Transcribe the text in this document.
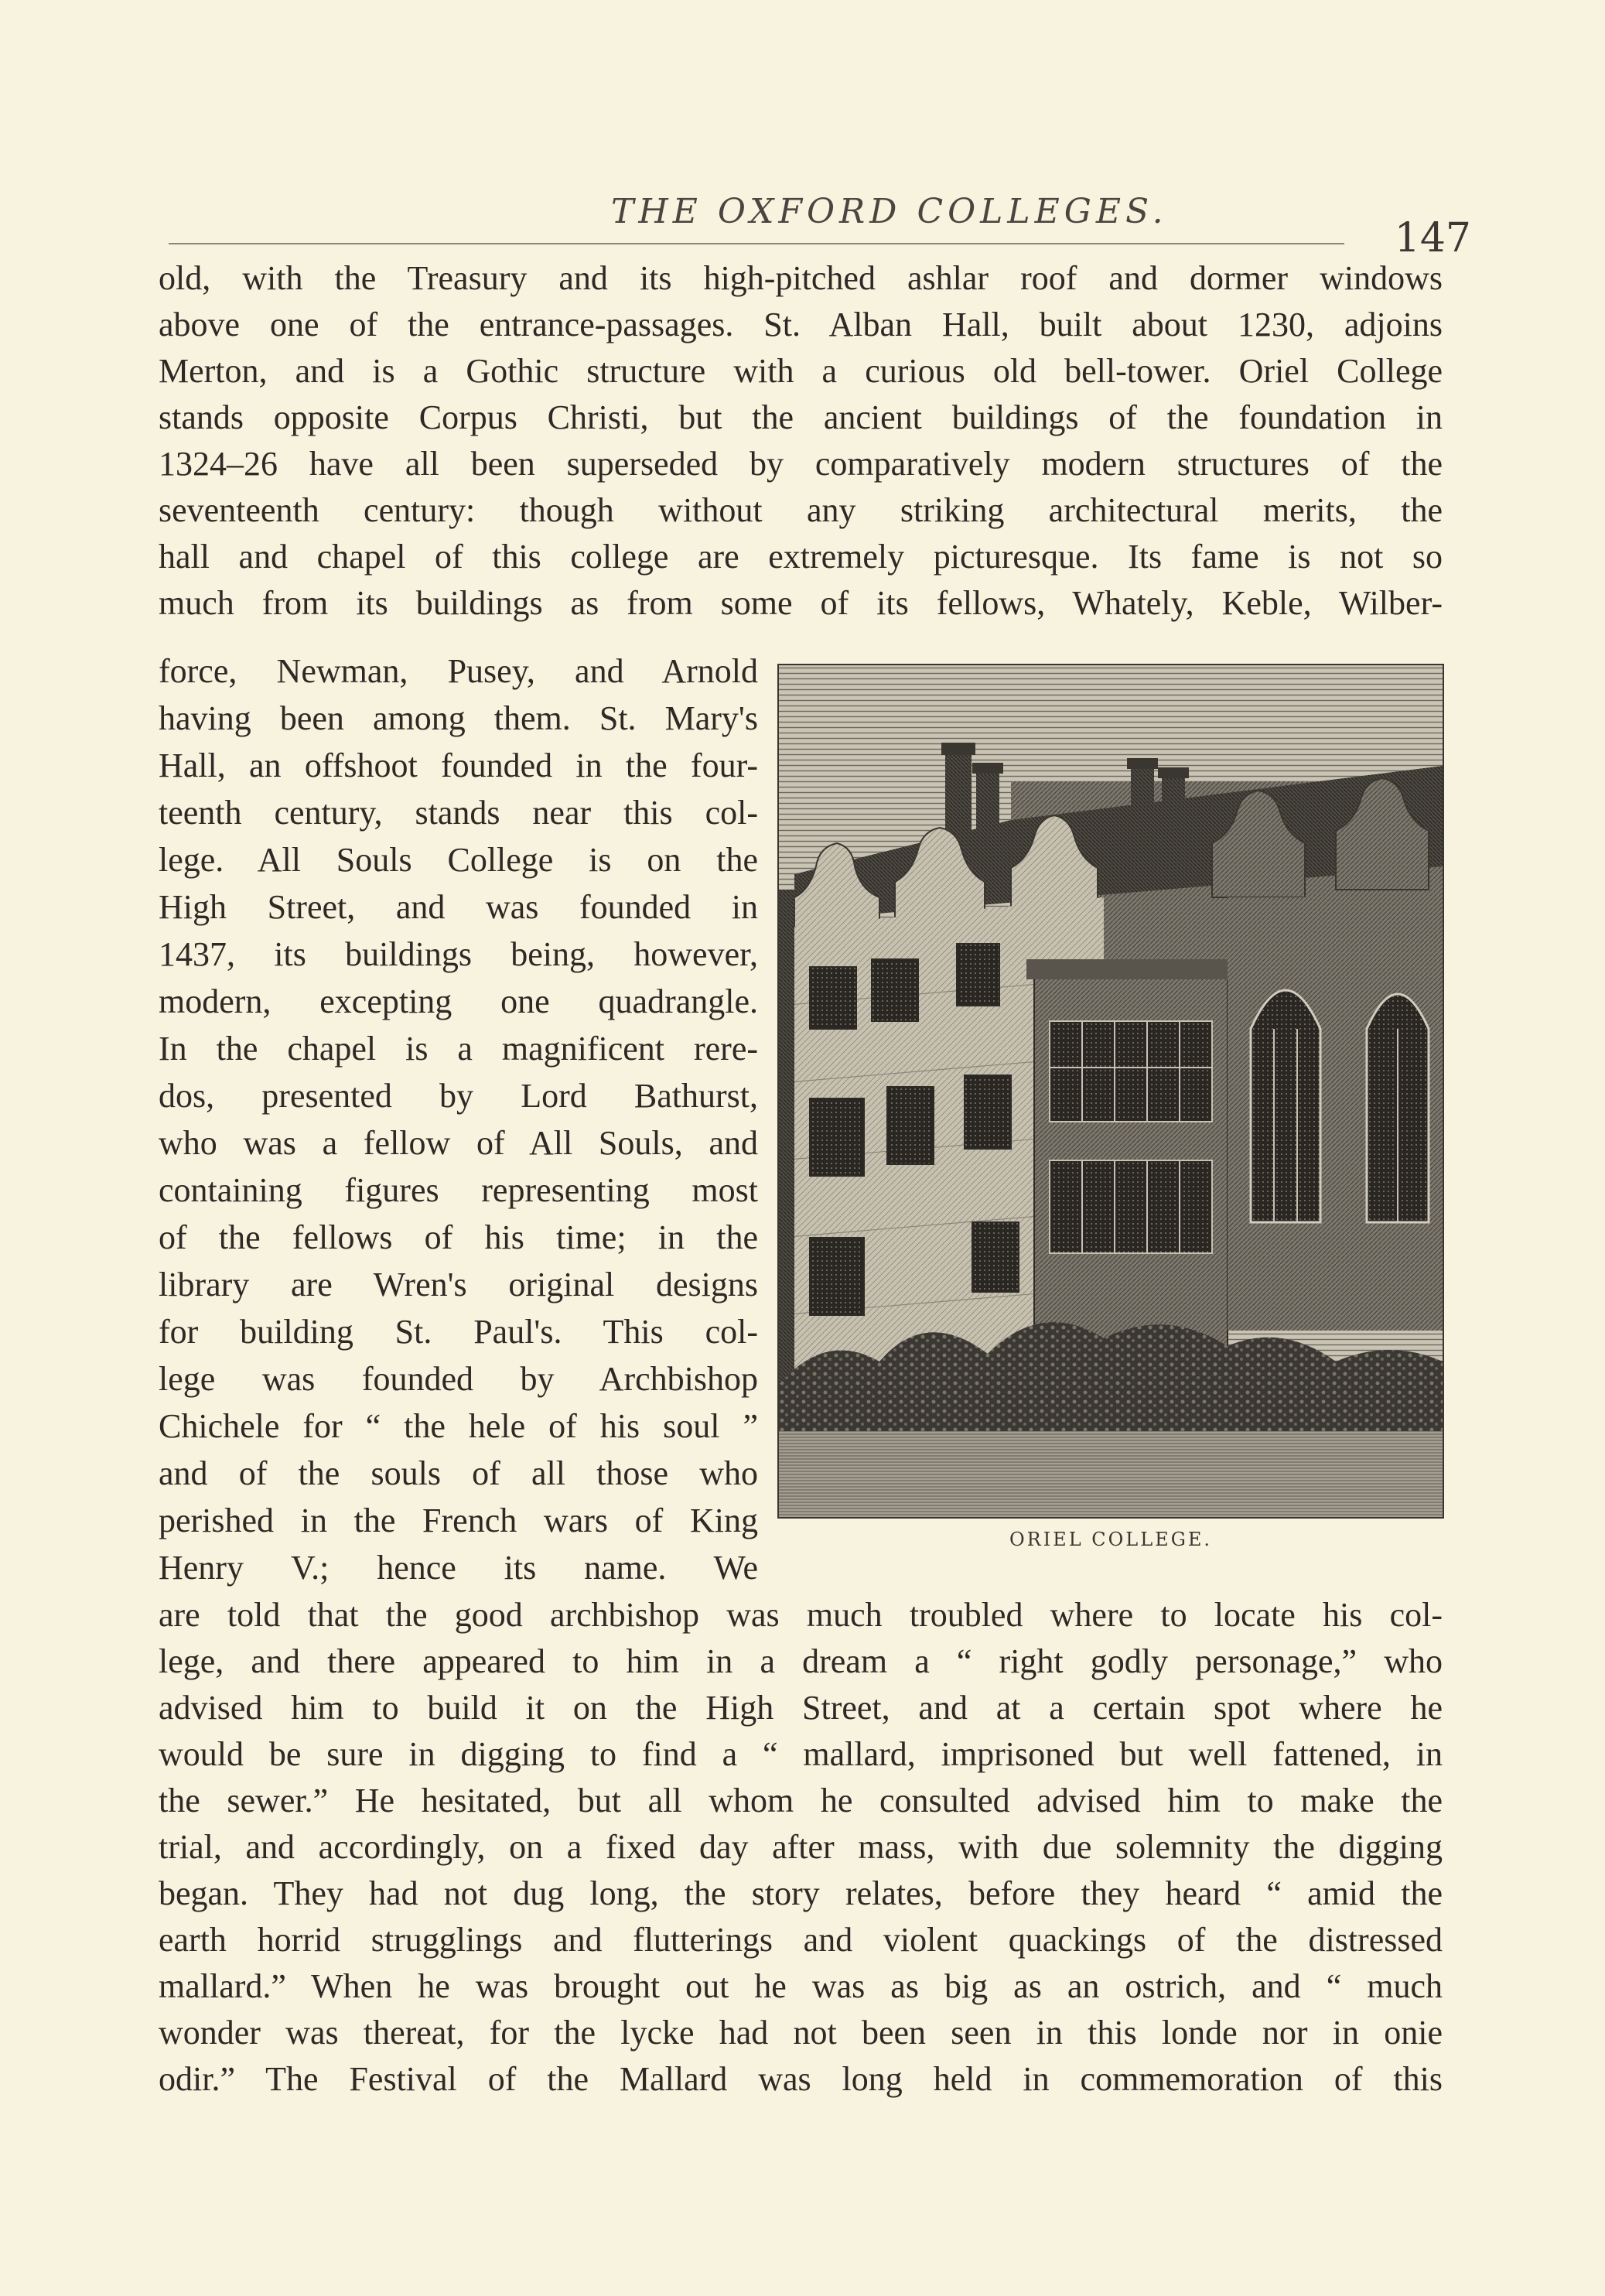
THE OXFORD COLLEGES.
147
old, with the Treasury and its high-pitched ashlar roof and dormer windows
above one of the entrance-passages. St. Alban Hall, built about 1230, adjoins
Merton, and is a Gothic structure with a curious old bell-tower. Oriel College
stands opposite Corpus Christi, but the ancient buildings of the foundation in
1324–26 have all been superseded by comparatively modern structures of the
seventeenth century: though without any striking architectural merits, the
hall and chapel of this college are extremely picturesque. Its fame is not so
much from its buildings as from some of its fellows, Whately, Keble, Wilber-
force, Newman, Pusey, and Arnold
having been among them. St. Mary's
Hall, an offshoot founded in the four-
teenth century, stands near this col-
lege. All Souls College is on the
High Street, and was founded in
1437, its buildings being, however,
modern, excepting one quadrangle.
In the chapel is a magnificent rere-
dos, presented by Lord Bathurst,
who was a fellow of All Souls, and
containing figures representing most
of the fellows of his time; in the
library are Wren's original designs
for building St. Paul's. This col-
lege was founded by Archbishop
Chichele for “ the hele of his soul ”
and of the souls of all those who
perished in the French wars of King
Henry V.; hence its name. We
are told that the good archbishop was much troubled where to locate his col-
lege, and there appeared to him in a dream a “ right godly personage,” who
advised him to build it on the High Street, and at a certain spot where he
would be sure in digging to find a “ mallard, imprisoned but well fattened, in
the sewer.” He hesitated, but all whom he consulted advised him to make the
trial, and accordingly, on a fixed day after mass, with due solemnity the digging
began. They had not dug long, the story relates, before they heard “ amid the
earth horrid strugglings and flutterings and violent quackings of the distressed
mallard.” When he was brought out he was as big as an ostrich, and “ much
wonder was thereat, for the lycke had not been seen in this londe nor in onie
odir.” The Festival of the Mallard was long held in commemoration of this
ORIEL COLLEGE.
